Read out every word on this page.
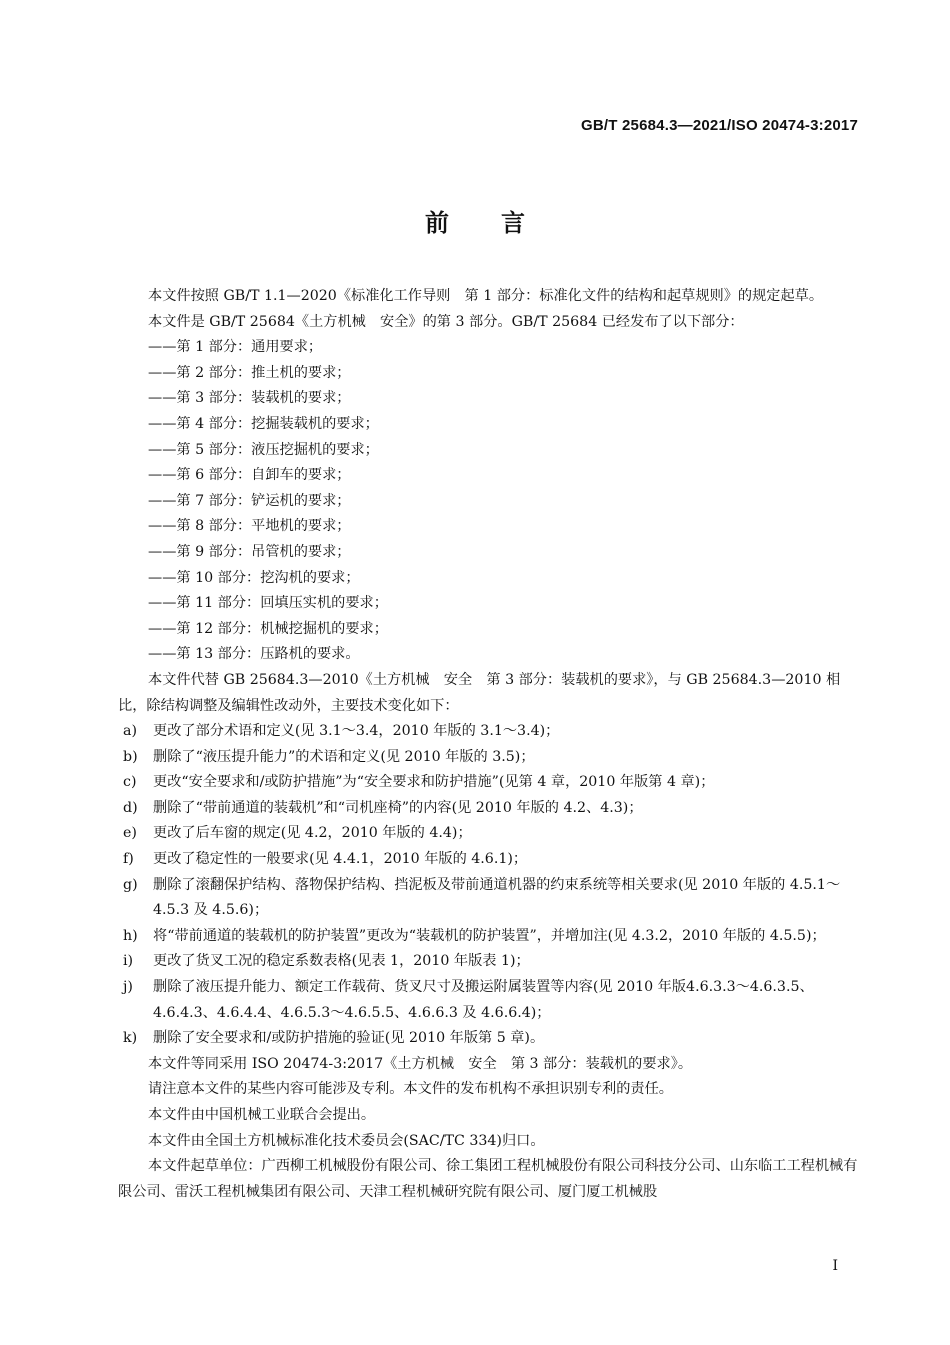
GB/T 25684.3—2021/ISO 20474-3:2017
前言

本文件按照 GB/T 1.1—2020《标准化工作导则　第 1 部分：标准化文件的结构和起草规则》的规定起草。

本文件是 GB/T 25684《土方机械　安全》的第 3 部分。GB/T 25684 已经发布了以下部分：

——第 1 部分：通用要求；
——第 2 部分：推土机的要求；
——第 3 部分：装载机的要求；
——第 4 部分：挖掘装载机的要求；
——第 5 部分：液压挖掘机的要求；
——第 6 部分：自卸车的要求；
——第 7 部分：铲运机的要求；
——第 8 部分：平地机的要求；
——第 9 部分：吊管机的要求；
——第 10 部分：挖沟机的要求；
——第 11 部分：回填压实机的要求；
——第 12 部分：机械挖掘机的要求；
——第 13 部分：压路机的要求。

本文件代替 GB 25684.3—2010《土方机械　安全　第 3 部分：装载机的要求》，与 GB 25684.3—2010 相比，除结构调整及编辑性改动外，主要技术变化如下：

a)	更改了部分术语和定义(见 3.1～3.4，2010 年版的 3.1～3.4)；
b)	删除了“液压提升能力”的术语和定义(见 2010 年版的 3.5)；
c)	更改“安全要求和/或防护措施”为“安全要求和防护措施”(见第 4 章，2010 年版第 4 章)；
d)	删除了“带前通道的装载机”和“司机座椅”的内容(见 2010 年版的 4.2、4.3)；
e)	更改了后车窗的规定(见 4.2，2010 年版的 4.4)；
f)	更改了稳定性的一般要求(见 4.4.1，2010 年版的 4.6.1)；
g)	删除了滚翻保护结构、落物保护结构、挡泥板及带前通道机器的约束系统等相关要求(见 2010 年版的 4.5.1～4.5.3 及 4.5.6)；
h)	将“带前通道的装载机的防护装置”更改为“装载机的防护装置”，并增加注(见 4.3.2，2010 年版的 4.5.5)；
i)	更改了货叉工况的稳定系数表格(见表 1，2010 年版表 1)；
j)	删除了液压提升能力、额定工作载荷、货叉尺寸及搬运附属装置等内容(见 2010 年版4.6.3.3～4.6.3.5、4.6.4.3、4.6.4.4、4.6.5.3～4.6.5.5、4.6.6.3 及 4.6.6.4)；
k)	删除了安全要求和/或防护措施的验证(见 2010 年版第 5 章)。

本文件等同采用 ISO 20474-3:2017《土方机械　安全　第 3 部分：装载机的要求》。

请注意本文件的某些内容可能涉及专利。本文件的发布机构不承担识别专利的责任。

本文件由中国机械工业联合会提出。

本文件由全国土方机械标准化技术委员会(SAC/TC 334)归口。

本文件起草单位：广西柳工机械股份有限公司、徐工集团工程机械股份有限公司科技分公司、山东临工工程机械有限公司、雷沃工程机械集团有限公司、天津工程机械研究院有限公司、厦门厦工机械股

I
